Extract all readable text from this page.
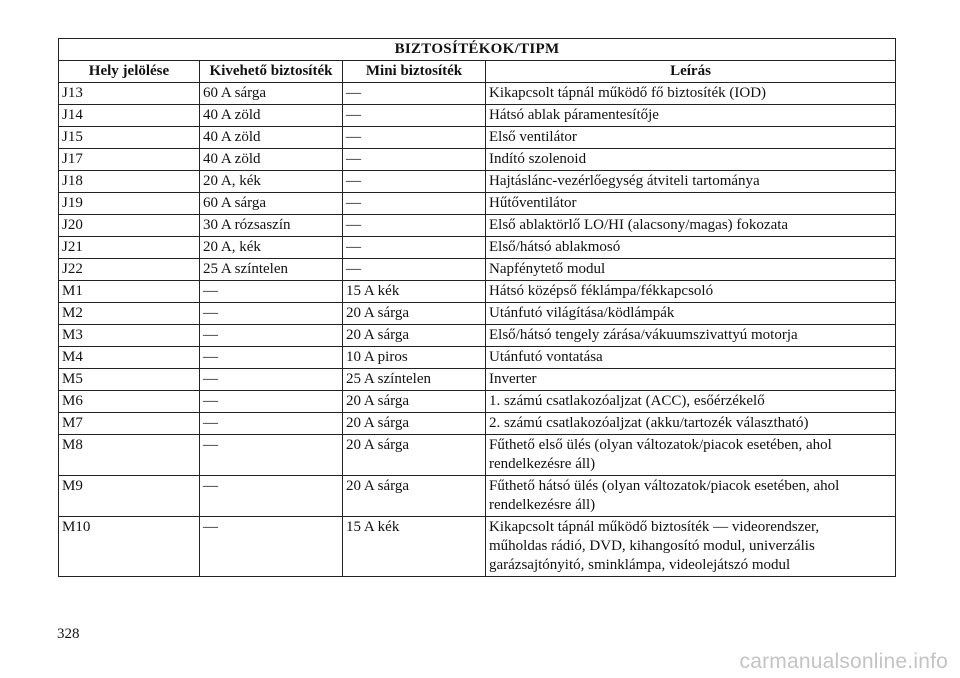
BIZTOSÍTÉKOK/TIPM			
Hely jelölése	Kivehető biztosíték	Mini biztosíték	Leírás
J13	60 A sárga	—	Kikapcsolt tápnál működő fő biztosíték (IOD)
J14	40 A zöld	—	Hátsó ablak páramentesítője
J15	40 A zöld	—	Első ventilátor
J17	40 A zöld	—	Indító szolenoid
J18	20 A, kék	—	Hajtáslánc-vezérlőegység átviteli tartománya
J19	60 A sárga	—	Hűtőventilátor
J20	30 A rózsaszín	—	Első ablaktörlő LO/HI (alacsony/magas) fokozata
J21	20 A, kék	—	Első/hátsó ablakmosó
J22	25 A színtelen	—	Napfénytető modul
M1	—	15 A kék	Hátsó középső féklámpa/fékkapcsoló
M2	—	20 A sárga	Utánfutó világítása/ködlámpák
M3	—	20 A sárga	Első/hátsó tengely zárása/vákuumszivattyú motorja
M4	—	10 A piros	Utánfutó vontatása
M5	—	25 A színtelen	Inverter
M6	—	20 A sárga	1. számú csatlakozóaljzat (ACC), esőérzékelő
M7	—	20 A sárga	2. számú csatlakozóaljzat (akku/tartozék választható)
M8	—	20 A sárga	Fűthető első ülés (olyan változatok/piacok esetében, ahol
rendelkezésre áll)

M9	—	20 A sárga	Fűthető hátsó ülés (olyan változatok/piacok esetében, ahol
rendelkezésre áll)

M10	—	15 A kék	Kikapcsolt tápnál működő biztosíték — videorendszer,
műholdas rádió, DVD, kihangosító modul, univerzális
garázsajtónyitó, sminklámpa, videolejátszó modul
328
carmanualsonline.info
